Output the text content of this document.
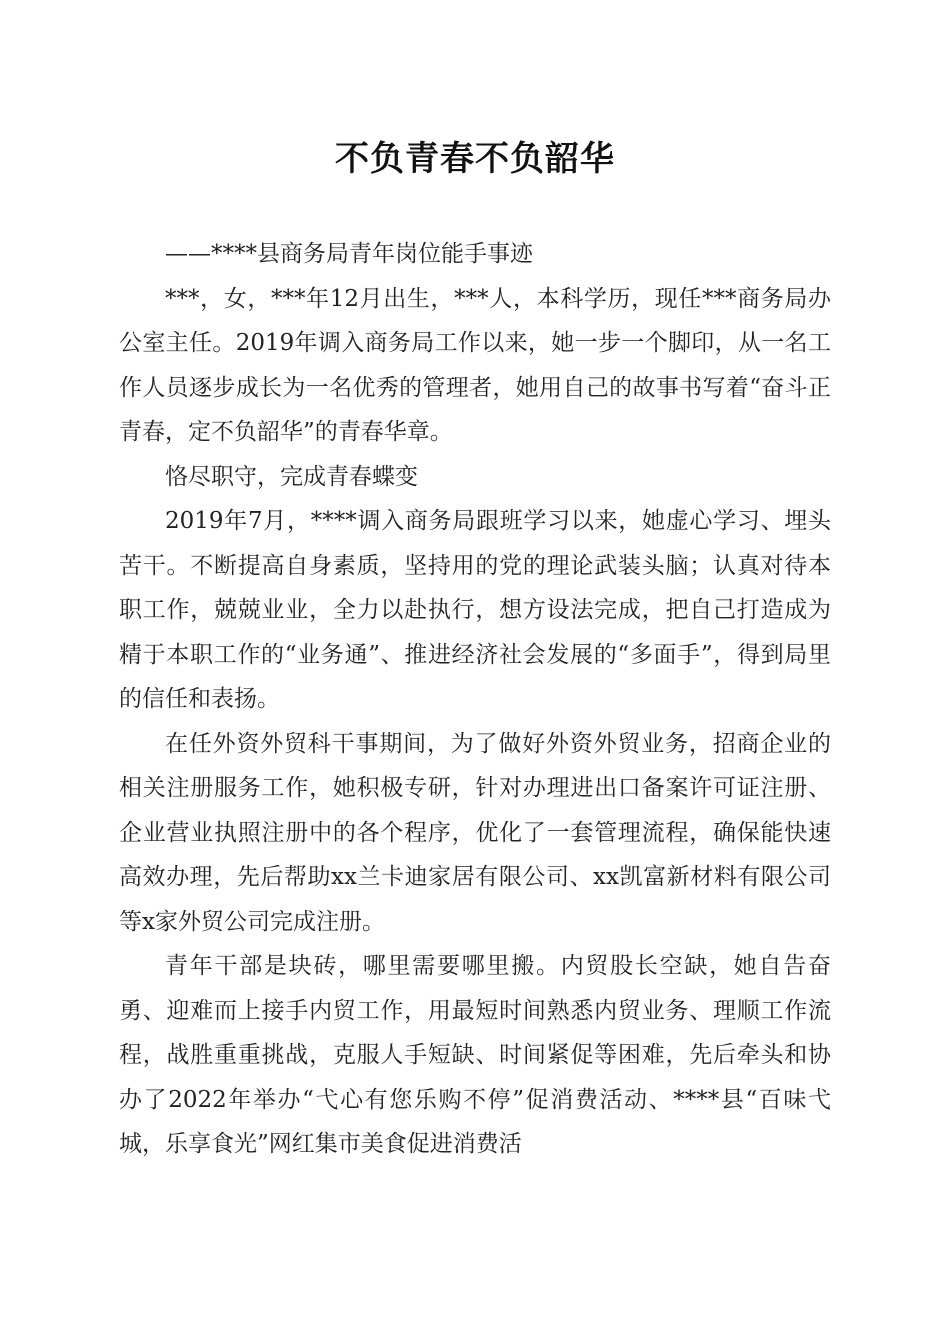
不负青春不负韶华

——****县商务局青年岗位能手事迹

***，女，***年12月出生，***人，本科学历，现任***商务局办公室主任。2019年调入商务局工作以来，她一步一个脚印，从一名工作人员逐步成长为一名优秀的管理者，她用自己的故事书写着“奋斗正青春，定不负韶华”的青春华章。

恪尽职守，完成青春蝶变

2019年7月，****调入商务局跟班学习以来，她虚心学习、埋头苦干。不断提高自身素质，坚持用的党的理论武装头脑；认真对待本职工作，兢兢业业，全力以赴执行，想方设法完成，把自己打造成为精于本职工作的“业务通”、推进经济社会发展的“多面手”，得到局里的信任和表扬。

在任外资外贸科干事期间，为了做好外资外贸业务，招商企业的相关注册服务工作，她积极专研，针对办理进出口备案许可证注册、企业营业执照注册中的各个程序，优化了一套管理流程，确保能快速高效办理，先后帮助xx兰卡迪家居有限公司、xx凯富新材料有限公司等x家外贸公司完成注册。

青年干部是块砖，哪里需要哪里搬。内贸股长空缺，她自告奋勇、迎难而上接手内贸工作，用最短时间熟悉内贸业务、理顺工作流程，战胜重重挑战，克服人手短缺、时间紧促等困难，先后牵头和协办了2022年举办“弋心有您乐购不停”促消费活动、****县“百味弋城，乐享食光”网红集市美食促进消费活
